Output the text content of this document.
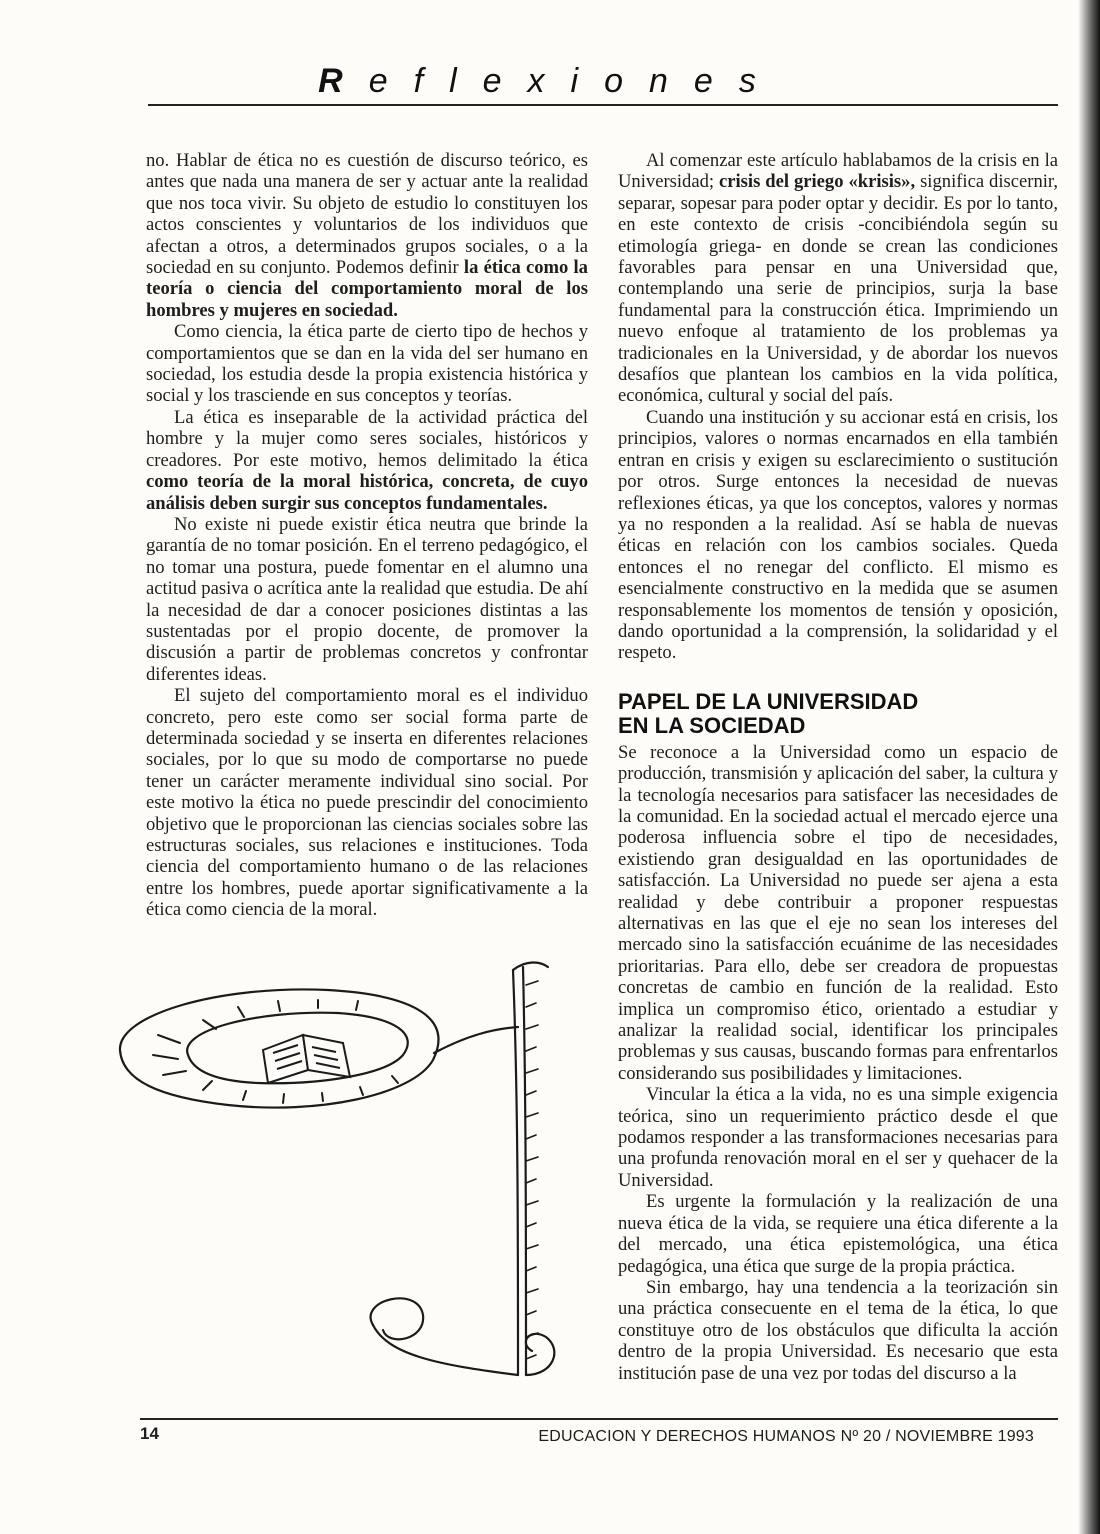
Reflexiones

no. Hablar de ética no es cuestión de discurso teórico, es antes que nada una manera de ser y actuar ante la realidad que nos toca vivir. Su objeto de estudio lo constituyen los actos conscientes y voluntarios de los individuos que afectan a otros, a determinados grupos sociales, o a la sociedad en su conjunto. Podemos definir la ética como la teoría o ciencia del comportamiento moral de los hombres y mujeres en sociedad.

Como ciencia, la ética parte de cierto tipo de hechos y comportamientos que se dan en la vida del ser humano en sociedad, los estudia desde la propia existencia histórica y social y los trasciende en sus conceptos y teorías.

La ética es inseparable de la actividad práctica del hombre y la mujer como seres sociales, históricos y creadores. Por este motivo, hemos delimitado la ética como teoría de la moral histórica, concreta, de cuyo análisis deben surgir sus conceptos fundamentales.

No existe ni puede existir ética neutra que brinde la garantía de no tomar posición. En el terreno pedagógico, el no tomar una postura, puede fomentar en el alumno una actitud pasiva o acrítica ante la realidad que estudia. De ahí la necesidad de dar a conocer posiciones distintas a las sustentadas por el propio docente, de promover la discusión a partir de problemas concretos y confrontar diferentes ideas.

El sujeto del comportamiento moral es el individuo concreto, pero este como ser social forma parte de determinada sociedad y se inserta en diferentes relaciones sociales, por lo que su modo de comportarse no puede tener un carácter meramente individual sino social. Por este motivo la ética no puede prescindir del conocimiento objetivo que le proporcionan las ciencias sociales sobre las estructuras sociales, sus relaciones e instituciones. Toda ciencia del comportamiento humano o de las relaciones entre los hombres, puede aportar significativamente a la ética como ciencia de la moral.

Al comenzar este artículo hablabamos de la crisis en la Universidad; crisis del griego «krisis», significa discernir, separar, sopesar para poder optar y decidir. Es por lo tanto, en este contexto de crisis -concibiéndola según su etimología griega- en donde se crean las condiciones favorables para pensar en una Universidad que, contemplando una serie de principios, surja la base fundamental para la construcción ética. Imprimiendo un nuevo enfoque al tratamiento de los problemas ya tradicionales en la Universidad, y de abordar los nuevos desafíos que plantean los cambios en la vida política, económica, cultural y social del país.

Cuando una institución y su accionar está en crisis, los principios, valores o normas encarnados en ella también entran en crisis y exigen su esclarecimiento o sustitución por otros. Surge entonces la necesidad de nuevas reflexiones éticas, ya que los conceptos, valores y normas ya no responden a la realidad. Así se habla de nuevas éticas en relación con los cambios sociales. Queda entonces el no renegar del conflicto. El mismo es esencialmente constructivo en la medida que se asumen responsablemente los momentos de tensión y oposición, dando oportunidad a la comprensión, la solidaridad y el respeto.

PAPEL DE LA UNIVERSIDAD
EN LA SOCIEDAD

Se reconoce a la Universidad como un espacio de producción, transmisión y aplicación del saber, la cultura y la tecnología necesarios para satisfacer las necesidades de la comunidad. En la sociedad actual el mercado ejerce una poderosa influencia sobre el tipo de necesidades, existiendo gran desigualdad en las oportunidades de satisfacción. La Universidad no puede ser ajena a esta realidad y debe contribuir a proponer respuestas alternativas en las que el eje no sean los intereses del mercado sino la satisfacción ecuánime de las necesidades prioritarias. Para ello, debe ser creadora de propuestas concretas de cambio en función de la realidad. Esto implica un compromiso ético, orientado a estudiar y analizar la realidad social, identificar los principales problemas y sus causas, buscando formas para enfrentarlos considerando sus posibilidades y limitaciones.

Vincular la ética a la vida, no es una simple exigencia teórica, sino un requerimiento práctico desde el que podamos responder a las transformaciones necesarias para una profunda renovación moral en el ser y quehacer de la Universidad.

Es urgente la formulación y la realización de una nueva ética de la vida, se requiere una ética diferente a la del mercado, una ética epistemológica, una ética pedagógica, una ética que surge de la propia práctica.

Sin embargo, hay una tendencia a la teorización sin una práctica consecuente en el tema de la ética, lo que constituye otro de los obstáculos que dificulta la acción dentro de la propia Universidad. Es necesario que esta institución pase de una vez por todas del discurso a la

14	EDUCACION Y DERECHOS HUMANOS Nº 20 / NOVIEMBRE 1993
